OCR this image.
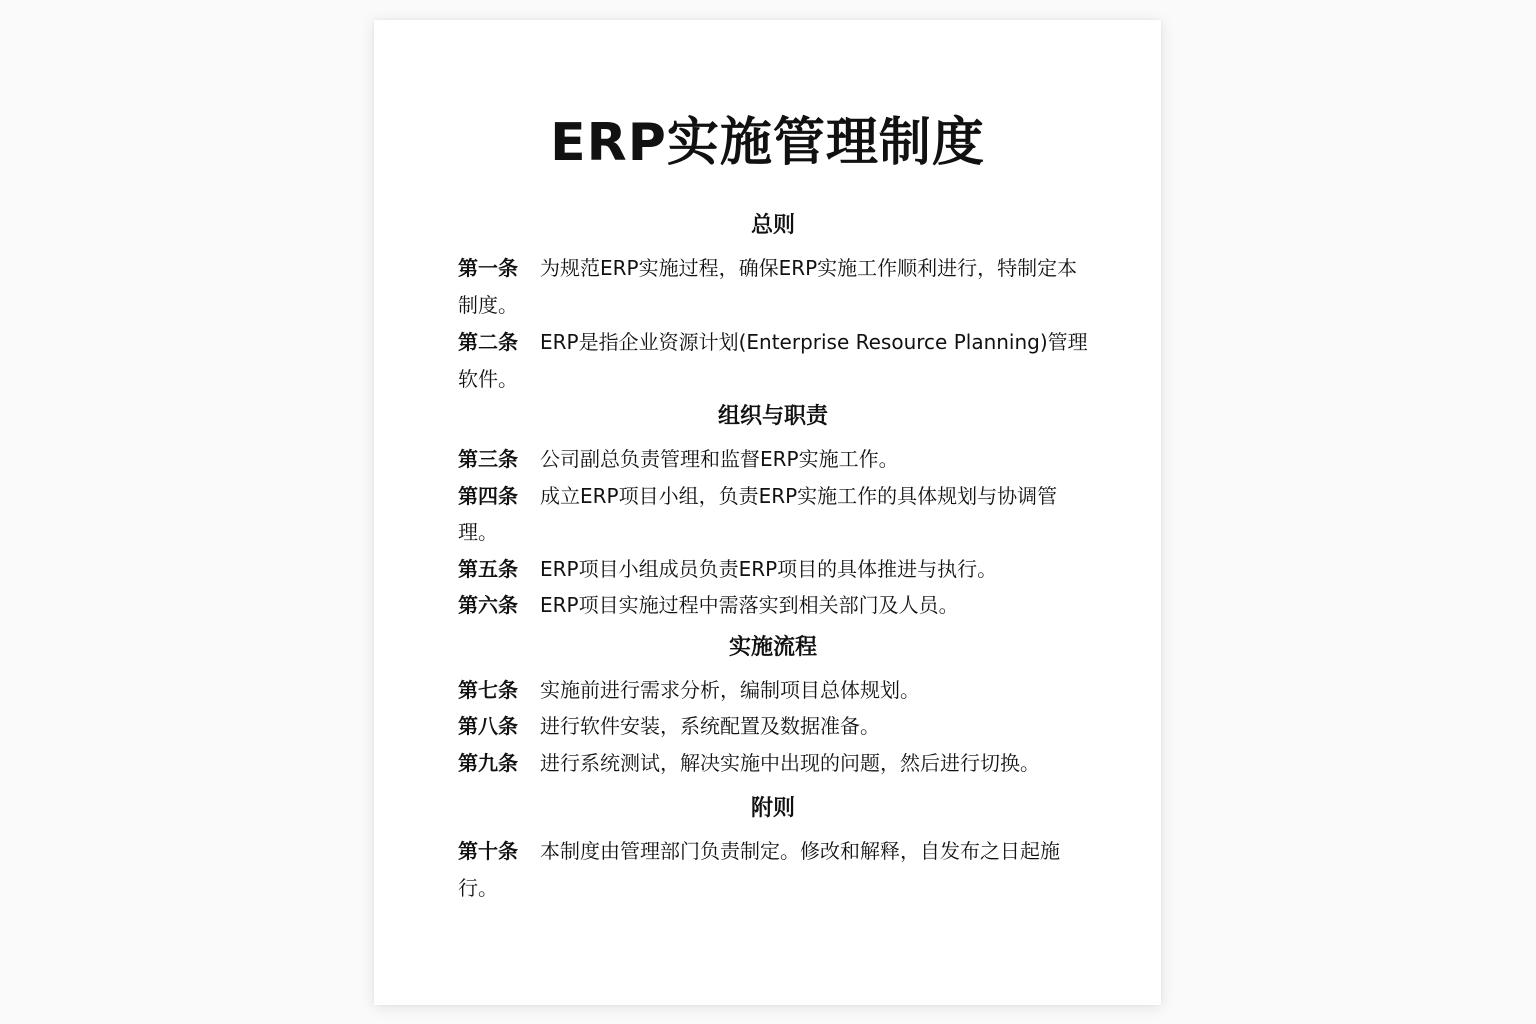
ERP实施管理制度
总则
第一条 为规范ERP实施过程，确保ERP实施工作顺利进行，特制定本制度。
第二条 ERP是指企业资源计划(Enterprise Resource Planning)管理软件。
组织与职责
第三条 公司副总负责管理和监督ERP实施工作。
第四条 成立ERP项目小组，负责ERP实施工作的具体规划与协调管理。
第五条 ERP项目小组成员负责ERP项目的具体推进与执行。
第六条 ERP项目实施过程中需落实到相关部门及人员。
实施流程
第七条 实施前进行需求分析，编制项目总体规划。
第八条 进行软件安装，系统配置及数据准备。
第九条 进行系统测试，解决实施中出现的问题，然后进行切换。
附则
第十条 本制度由管理部门负责制定。修改和解释，自发布之日起施行。
